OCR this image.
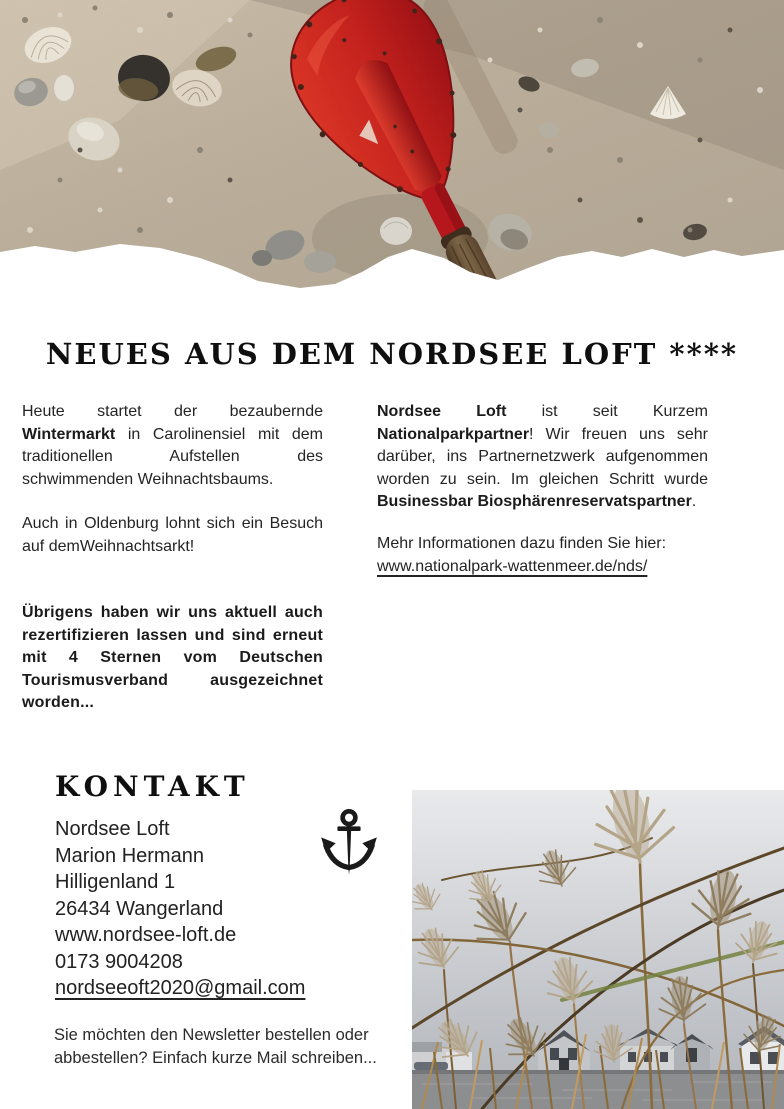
NEUES AUS DEM NORDSEE LOFT ****

Heute startet der bezaubernde Wintermarkt in Carolinensiel mit dem traditionellen Aufstellen des schwimmenden Weihnachtsbaums.

Auch in Oldenburg lohnt sich ein Besuch auf demWeihnachtsarkt!

Übrigens haben wir uns aktuell auch rezertifizieren lassen und sind erneut mit 4 Sternen vom Deutschen Tourismusverband ausgezeichnet worden...

Nordsee Loft ist seit Kurzem Nationalparkpartner! Wir freuen uns sehr darüber, ins Partnernetzwerk aufgenommen worden zu sein. Im gleichen Schritt wurde Businessbar Biosphärenreservatspartner.

Mehr Informationen dazu finden Sie hier:

www.nationalpark-wattenmeer.de/nds/
KONTAKT
Nordsee Loft
Marion Hermann
Hilligenland 1
26434 Wangerland
www.nordsee-loft.de
0173 9004208
nordseeoft2020@gmail.com

Sie möchten den Newsletter bestellen oder abbestellen? Einfach kurze Mail schreiben...
